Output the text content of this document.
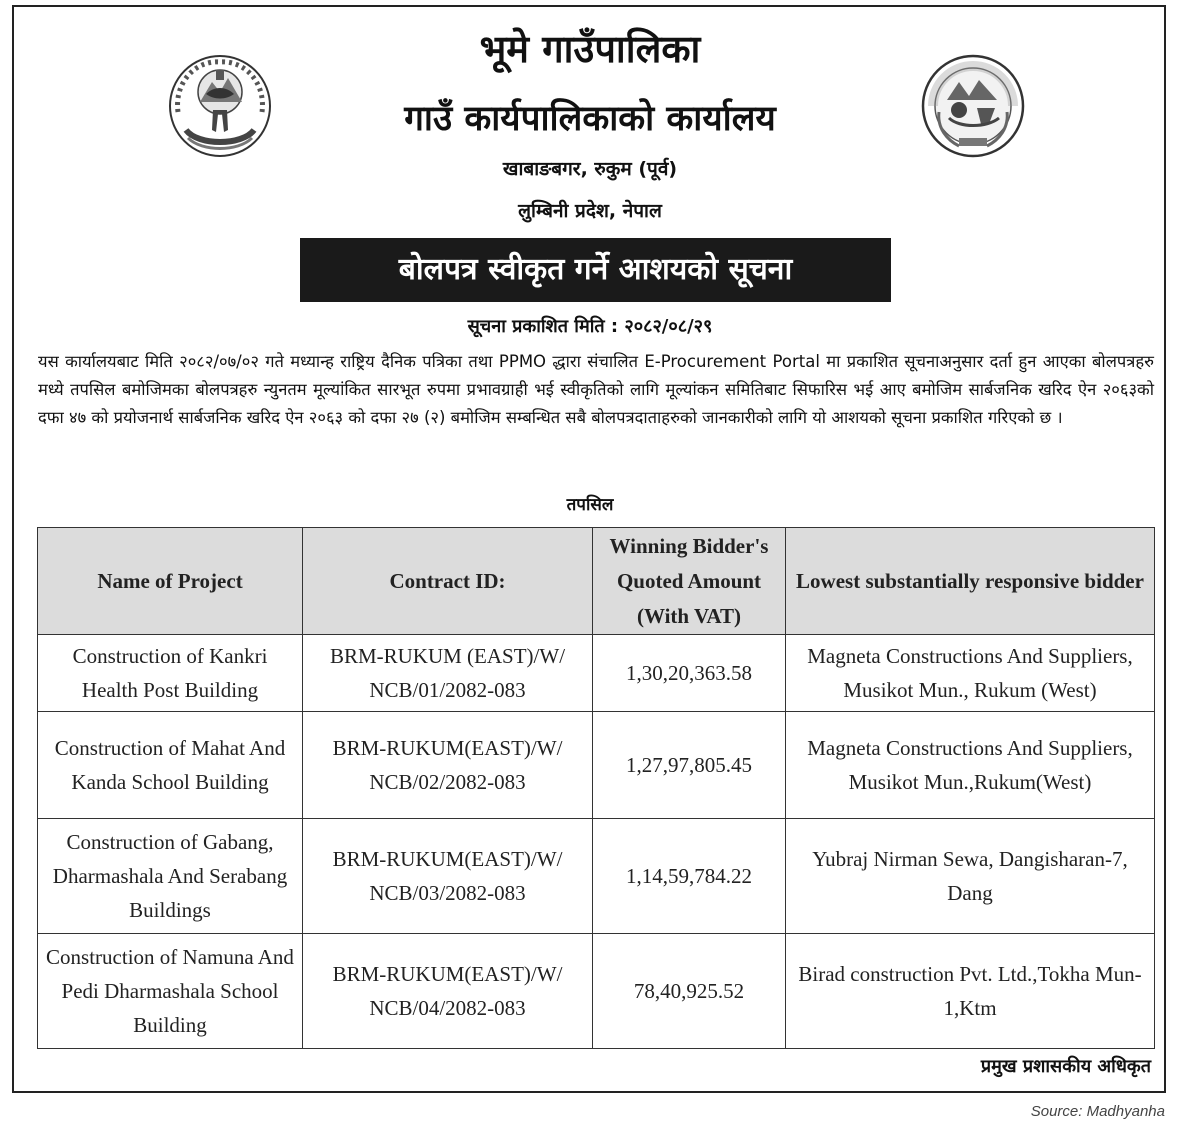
भूमे गाउँपालिका
गाउँ कार्यपालिकाको कार्यालय
खाबाङबगर, रुकुम (पूर्व)
लुम्बिनी प्रदेश, नेपाल
बोलपत्र स्वीकृत गर्ने आशयको सूचना
सूचना प्रकाशित मिति : २०८२/०८/२९

यस कार्यालयबाट मिति २०८२/०७/०२ गते मध्यान्ह राष्ट्रिय दैनिक पत्रिका तथा PPMO द्धारा संचालित E-Procurement Portal मा प्रकाशित सूचनाअनुसार दर्ता हुन आएका बोलपत्रहरु मध्ये तपसिल बमोजिमका बोलपत्रहरु न्युनतम मूल्यांकित सारभूत रुपमा प्रभावग्राही भई स्वीकृतिको लागि मूल्यांकन समितिबाट सिफारिस भई आए बमोजिम सार्बजनिक खरिद ऐन २०६३को दफा ४७ को प्रयोजनार्थ सार्बजनिक खरिद ऐन २०६३ को दफा २७ (२) बमोजिम सम्बन्धित सबै बोलपत्रदाताहरुको जानकारीको लागि यो आशयको सूचना प्रकाशित गरिएको छ ।

तपसिल
Name of Project	Contract ID:	Winning Bidder's Quoted Amount (With VAT)	Lowest substantially responsive bidder
Construction of Kankri Health Post Building	BRM-RUKUM (EAST)/W/ NCB/01/2082-083	1,30,20,363.58	Magneta Constructions And Suppliers, Musikot Mun., Rukum (West)
Construction of Mahat And Kanda School Building	BRM-RUKUM(EAST)/W/ NCB/02/2082-083	1,27,97,805.45	Magneta Constructions And Suppliers, Musikot Mun.,Rukum(West)
Construction of Gabang, Dharmashala And Serabang Buildings	BRM-RUKUM(EAST)/W/ NCB/03/2082-083	1,14,59,784.22	Yubraj Nirman Sewa, Dangisharan-7, Dang
Construction of Namuna And Pedi Dharmashala School Building	BRM-RUKUM(EAST)/W/ NCB/04/2082-083	78,40,925.52	Birad construction Pvt. Ltd.,Tokha Mun-1,Ktm
प्रमुख प्रशासकीय अधिकृत
Source: Madhyanha
